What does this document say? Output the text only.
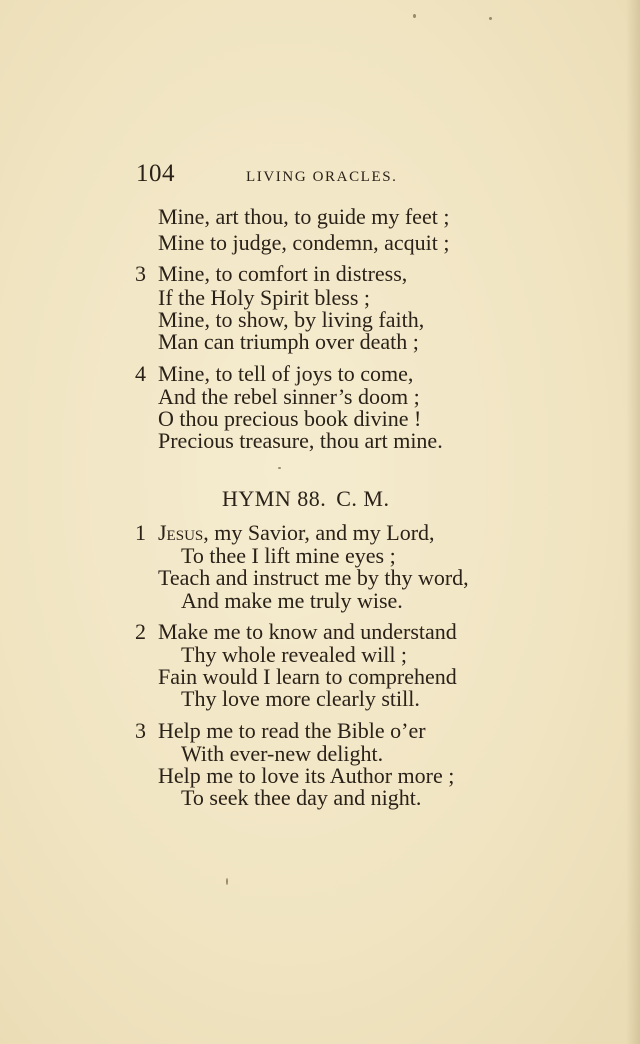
104	LIVING ORACLES.
Mine, art thou, to guide my feet ;
Mine to judge, condemn, acquit ;
3 Mine, to comfort in distress,
If the Holy Spirit bless ;
Mine, to show, by living faith,
Man can triumph over death ;
4 Mine, to tell of joys to come,
And the rebel sinner’s doom ;
O thou precious book divine !
Precious treasure, thou art mine.
HYMN 88. C. M.
1 Jesus, my Savior, and my Lord,
To thee I lift mine eyes ;
Teach and instruct me by thy word,
And make me truly wise.
2 Make me to know and understand
Thy whole revealed will ;
Fain would I learn to comprehend
Thy love more clearly still.
3 Help me to read the Bible o’er
With ever-new delight.
Help me to love its Author more ;
To seek thee day and night.
